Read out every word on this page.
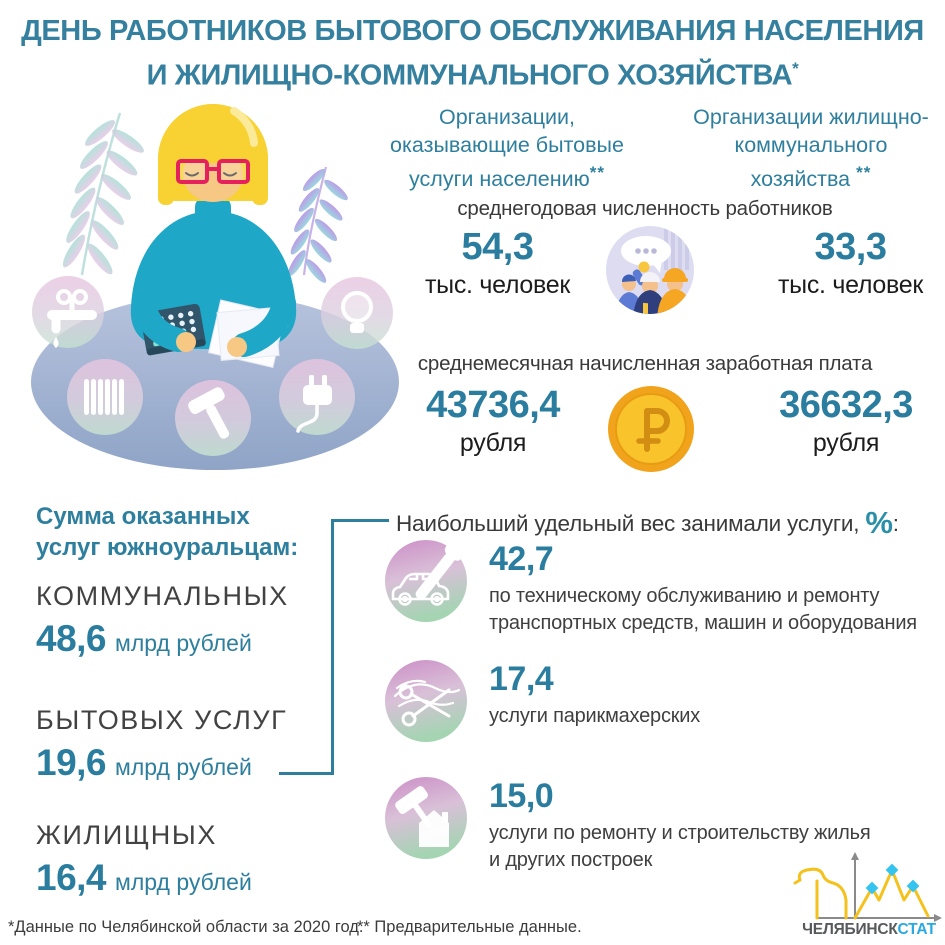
ДЕНЬ РАБОТНИКОВ БЫТОВОГО ОБСЛУЖИВАНИЯ НАСЕЛЕНИЯ
И ЖИЛИЩНО-КОММУНАЛЬНОГО ХОЗЯЙСТВА*
Организации,
оказывающие бытовые
услуги населению**
Организации жилищно-
коммунального
хозяйства **
среднегодовая численность работников
54,3
тыс. человек
33,3
тыс. человек
среднемесячная начисленная заработная плата
43736,4
рубля
36632,3
рубля
Сумма оказанных
услуг южноуральцам:
КОММУНАЛЬНЫХ
48,6 млрд рублей
БЫТОВЫХ УСЛУГ
19,6 млрд рублей
ЖИЛИЩНЫХ
16,4 млрд рублей
Наибольший удельный вес занимали услуги, %:
42,7
по техническому обслуживанию и ремонту
транспортных средств, машин и оборудования
17,4
услуги парикмахерских
15,0
услуги по ремонту и строительству жилья
и других построек
*Данные по Челябинской области за 2020 год.
** Предварительные данные.	ЧЕЛЯБИНСКСТАТ
